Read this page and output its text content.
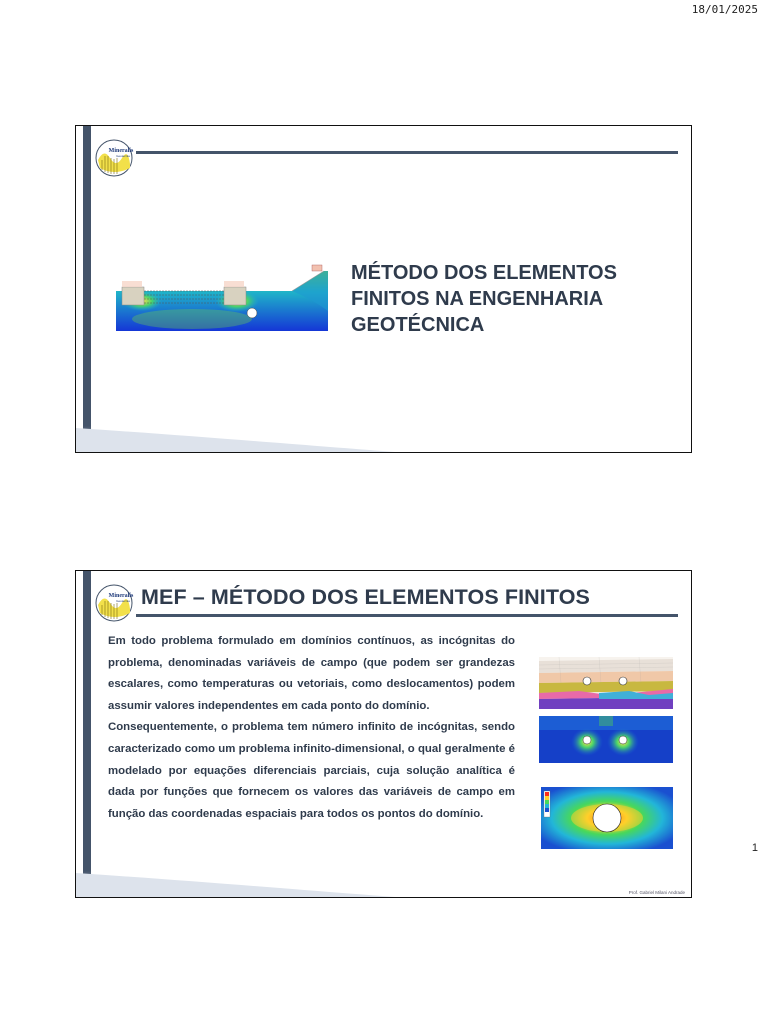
18/01/2025
1
Mineralis
Geotecnia
MÉTODO DOS ELEMENTOS FINITOS NA ENGENHARIA GEOTÉCNICA
Mineralis
Geotecnia MEF – MÉTODO DOS ELEMENTOS FINITOS

Em todo problema formulado em domínios contínuos, as incógnitas do problema, denominadas variáveis de campo (que podem ser grandezas escalares, como temperaturas ou vetoriais, como deslocamentos) podem assumir valores independentes em cada ponto do domínio.

Consequentemente, o problema tem número infinito de incógnitas, sendo caracterizado como um problema infinito-dimensional, o qual geralmente é modelado por equações diferenciais parciais, cuja solução analítica é dada por funções que fornecem os valores das variáveis de campo em função das coordenadas espaciais para todos os pontos do domínio.

Prof. Gabriel Milani Andrade
